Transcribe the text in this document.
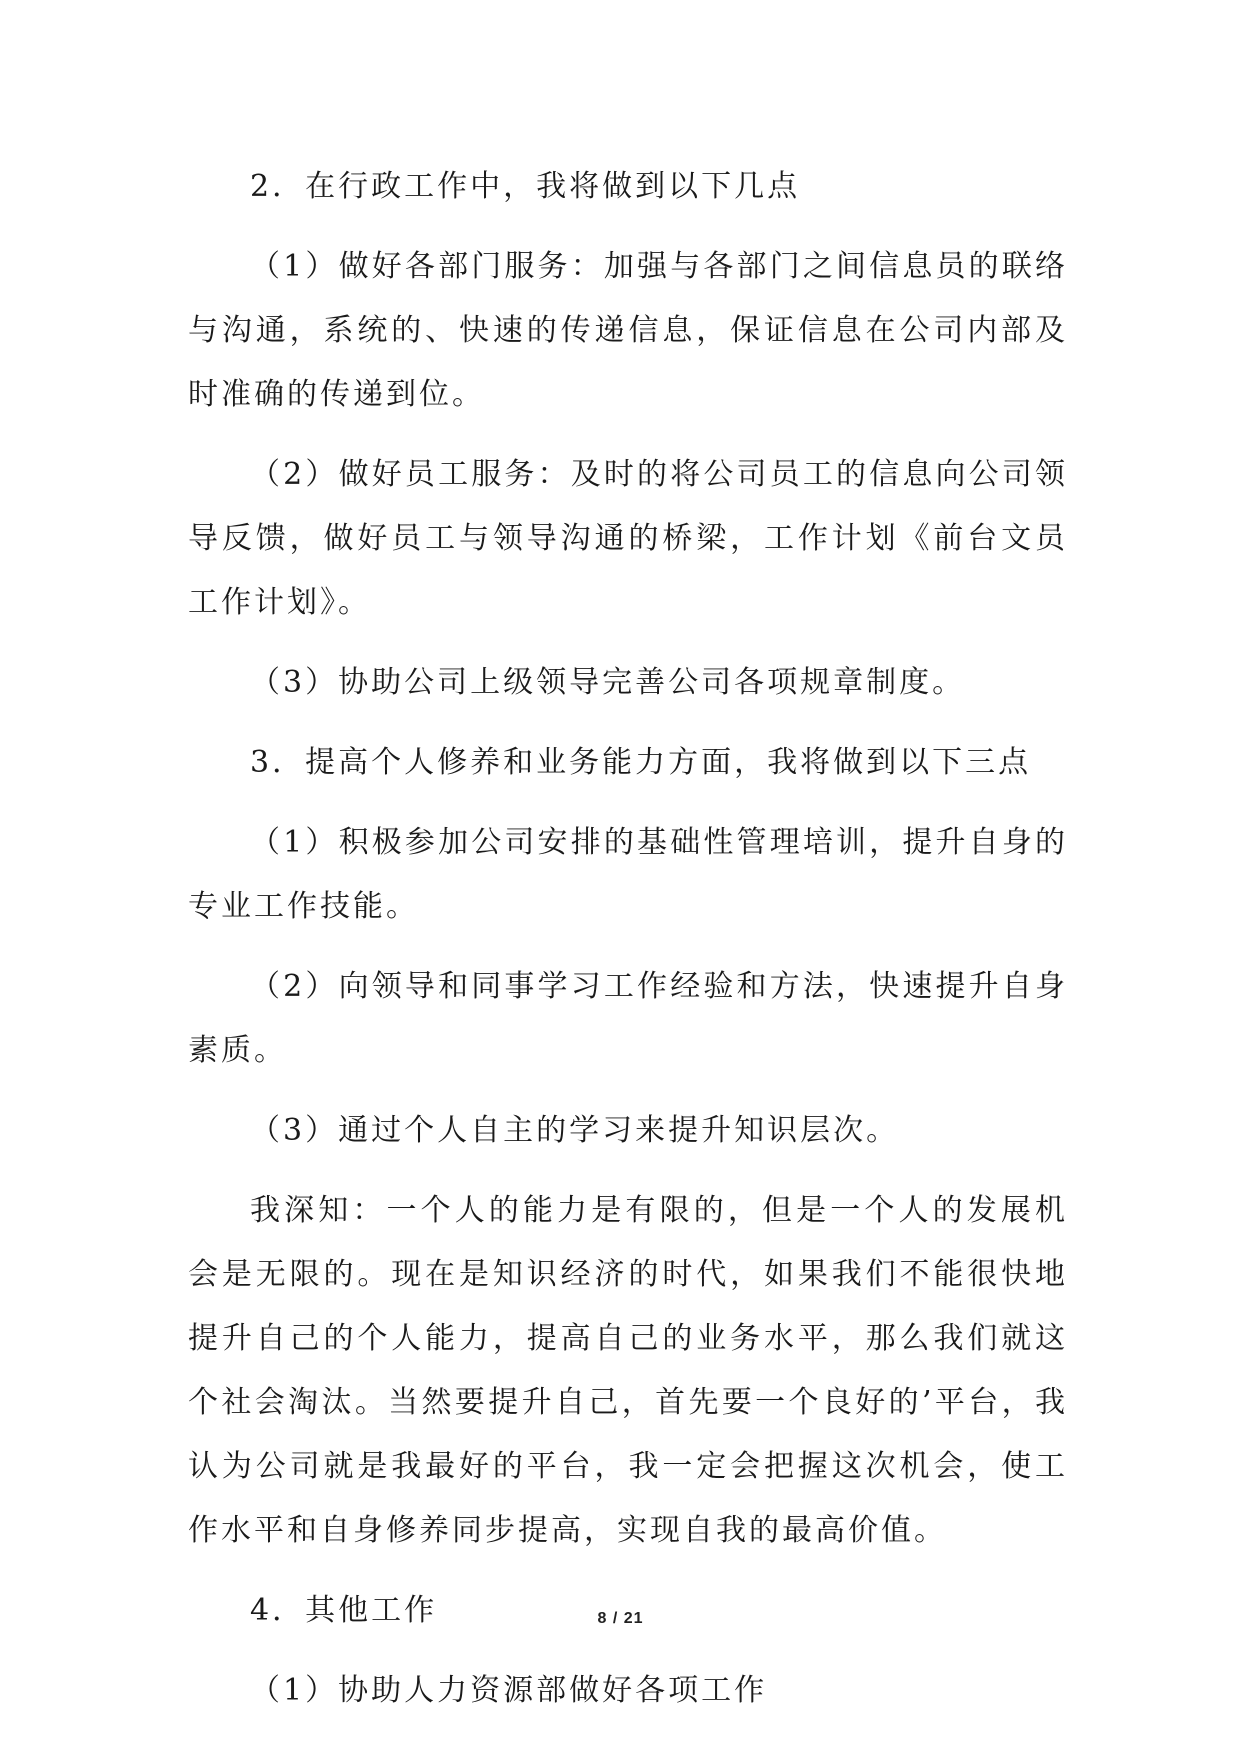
2．在行政工作中，我将做到以下几点

（1）做好各部门服务：加强与各部门之间信息员的联络与沟通，系统的、快速的传递信息，保证信息在公司内部及时准确的传递到位。

（2）做好员工服务：及时的将公司员工的信息向公司领导反馈，做好员工与领导沟通的桥梁，工作计划《前台文员工作计划》。

（3）协助公司上级领导完善公司各项规章制度。

3．提高个人修养和业务能力方面，我将做到以下三点

（1）积极参加公司安排的基础性管理培训，提升自身的专业工作技能。

（2）向领导和同事学习工作经验和方法，快速提升自身素质。

（3）通过个人自主的学习来提升知识层次。

我深知：一个人的能力是有限的，但是一个人的发展机会是无限的。现在是知识经济的时代，如果我们不能很快地提升自己的个人能力，提高自己的业务水平，那么我们就这个社会淘汰。当然要提升自己，首先要一个良好的’平台，我认为公司就是我最好的平台，我一定会把握这次机会，使工作水平和自身修养同步提高，实现自我的最高价值。

4．其他工作

（1）协助人力资源部做好各项工作

8 / 21
